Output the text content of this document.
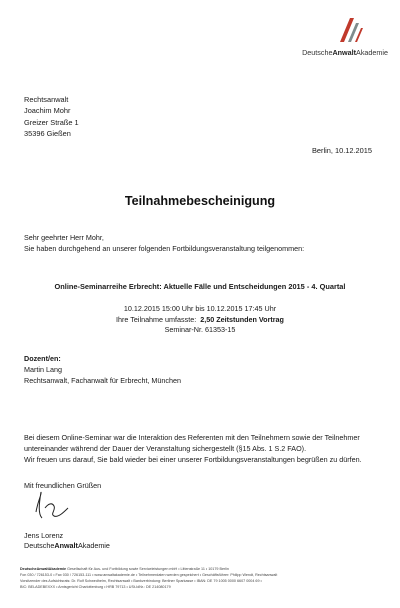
DeutscheAnwaltAkademie
Rechtsanwalt
Joachim Mohr
Greizer Straße 1
35396 Gießen
Berlin, 10.12.2015
Teilnahmebescheinigung
Sehr geehrter Herr Mohr,
Sie haben durchgehend an unserer folgenden Fortbildungsveranstaltung teilgenommen:
Online-Seminarreihe Erbrecht: Aktuelle Fälle und Entscheidungen 2015 - 4. Quartal
10.12.2015 15:00 Uhr bis 10.12.2015 17:45 Uhr
Ihre Teilnahme umfasste: 2,50 Zeitstunden Vortrag
Seminar-Nr. 61353-15
Dozent/en:
Martin Lang
Rechtsanwalt, Fachanwalt für Erbrecht, München
Bei diesem Online-Seminar war die Interaktion des Referenten mit den Teilnehmern sowie der Teilnehmer untereinander während der Dauer der Veranstaltung sichergestellt (§15 Abs. 1 S.2 FAO).
Wir freuen uns darauf, Sie bald wieder bei einer unserer Fortbildungsveranstaltungen begrüßen zu dürfen.
Mit freundlichen Grüßen
Jens Lorenz
DeutscheAnwaltAkademie
DeutscheAnwaltAkademie Gesellschaft für Aus- und Fortbildung sowie Serviceleistungen mbH • Littenstraße 11 • 10179 Berlin
Fon 030 / 726153-0 • Fax 030 / 726153-111 • www.anwaltakademie.de • Teilnehmerdaten werden gespeichert • Geschäftsführer: Philipp Wendt, Rechtsanwalt
Vorsitzender des Aufsichtsrats: Dr. Rolf Schwedhelm, Rechtsanwalt • Bankverbindung: Berliner Sparkasse • IBAN: DE 79 1005 0000 6607 0004 69 •
BIC: BELADEBEXXX • Amtsgericht Charlottenburg • HRB 79713 • USt-IdNr.: DE 214080179
